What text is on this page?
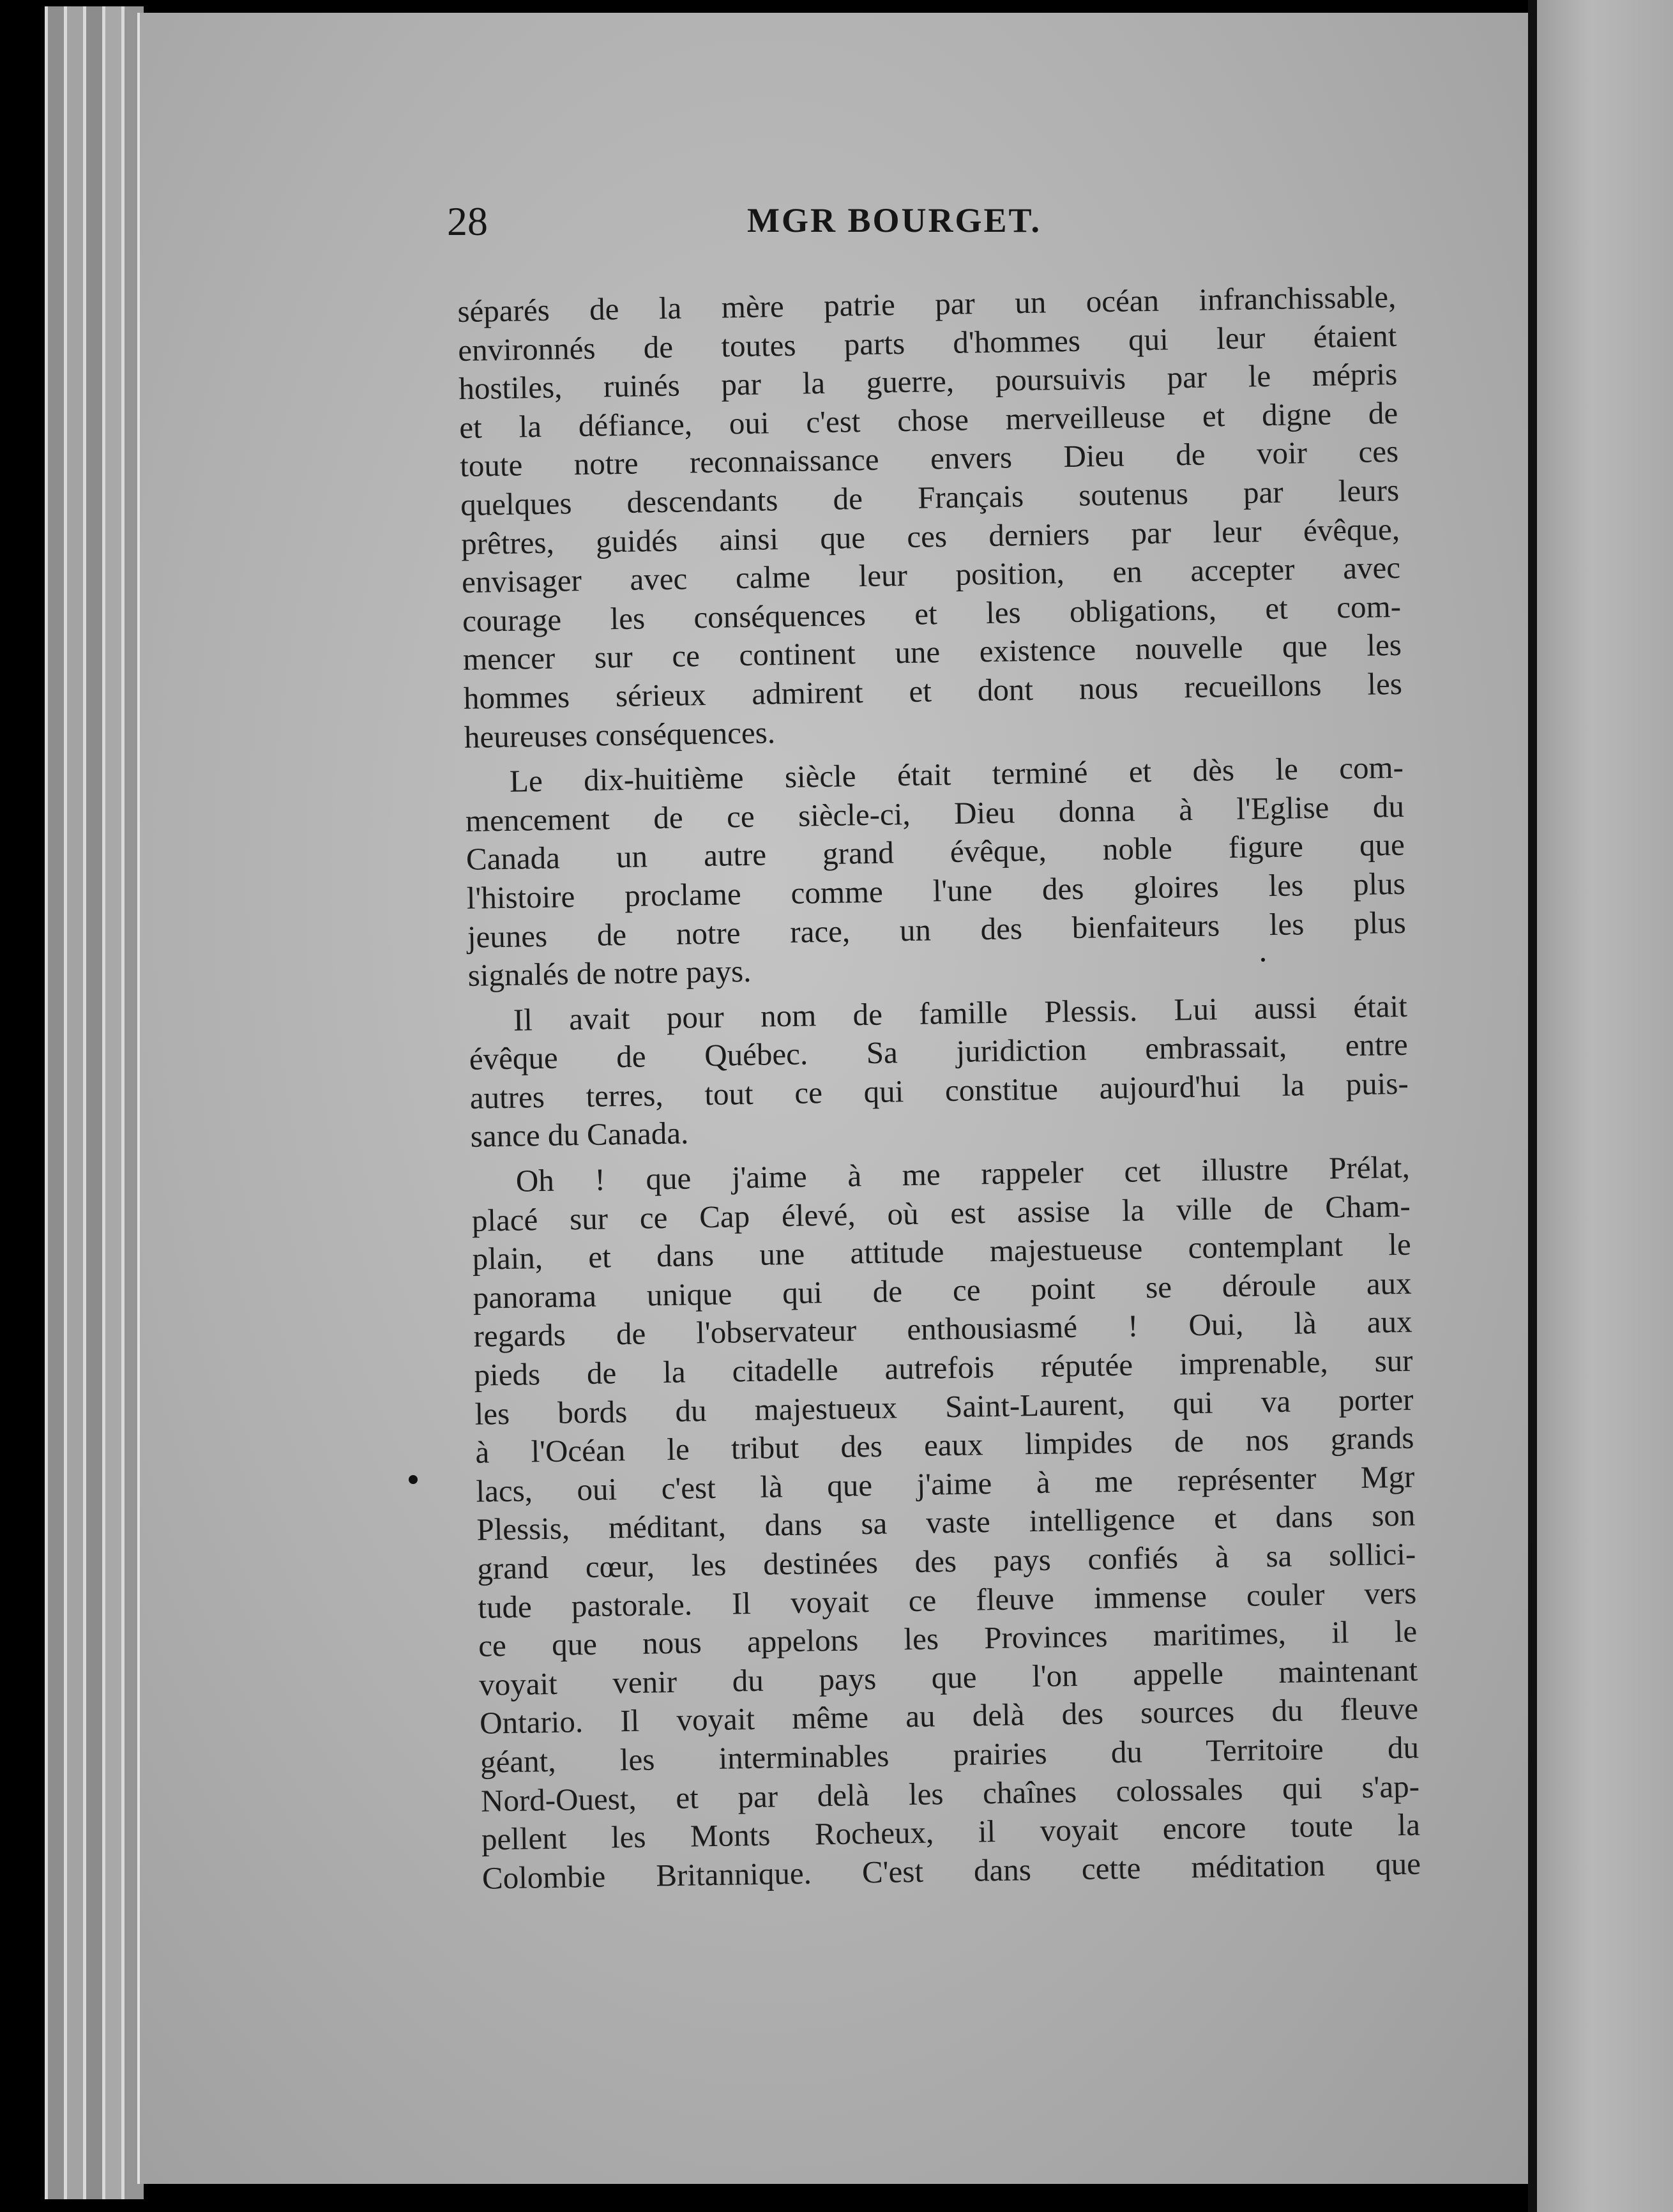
28	MGR BOURGET.
séparés de la mère patrie par un océan infranchissable,
environnés de toutes parts d'hommes qui leur étaient
hostiles, ruinés par la guerre, poursuivis par le mépris
et la défiance, oui c'est chose merveilleuse et digne de
toute notre reconnaissance envers Dieu de voir ces
quelques descendants de Français soutenus par leurs
prêtres, guidés ainsi que ces derniers par leur évêque,
envisager avec calme leur position, en accepter avec
courage les conséquences et les obligations, et com-
mencer sur ce continent une existence nouvelle que les
hommes sérieux admirent et dont nous recueillons les
heureuses conséquences.
Le dix-huitième siècle était terminé et dès le com-
mencement de ce siècle-ci, Dieu donna à l'Eglise du
Canada un autre grand évêque, noble figure que
l'histoire proclame comme l'une des gloires les plus
jeunes de notre race, un des bienfaiteurs les plus
signalés de notre pays.
Il avait pour nom de famille Plessis. Lui aussi était
évêque de Québec. Sa juridiction embrassait, entre
autres terres, tout ce qui constitue aujourd'hui la puis-
sance du Canada.
Oh ! que j'aime à me rappeler cet illustre Prélat,
placé sur ce Cap élevé, où est assise la ville de Cham-
plain, et dans une attitude majestueuse contemplant le
panorama unique qui de ce point se déroule aux
regards de l'observateur enthousiasmé ! Oui, là aux
pieds de la citadelle autrefois réputée imprenable, sur
les bords du majestueux Saint-Laurent, qui va porter
à l'Océan le tribut des eaux limpides de nos grands
lacs, oui c'est là que j'aime à me représenter Mgr
Plessis, méditant, dans sa vaste intelligence et dans son
grand cœur, les destinées des pays confiés à sa sollici-
tude pastorale. Il voyait ce fleuve immense couler vers
ce que nous appelons les Provinces maritimes, il le
voyait venir du pays que l'on appelle maintenant
Ontario. Il voyait même au delà des sources du fleuve
géant, les interminables prairies du Territoire du
Nord-Ouest, et par delà les chaînes colossales qui s'ap-
pellent les Monts Rocheux, il voyait encore toute la
Colombie Britannique. C'est dans cette méditation que
